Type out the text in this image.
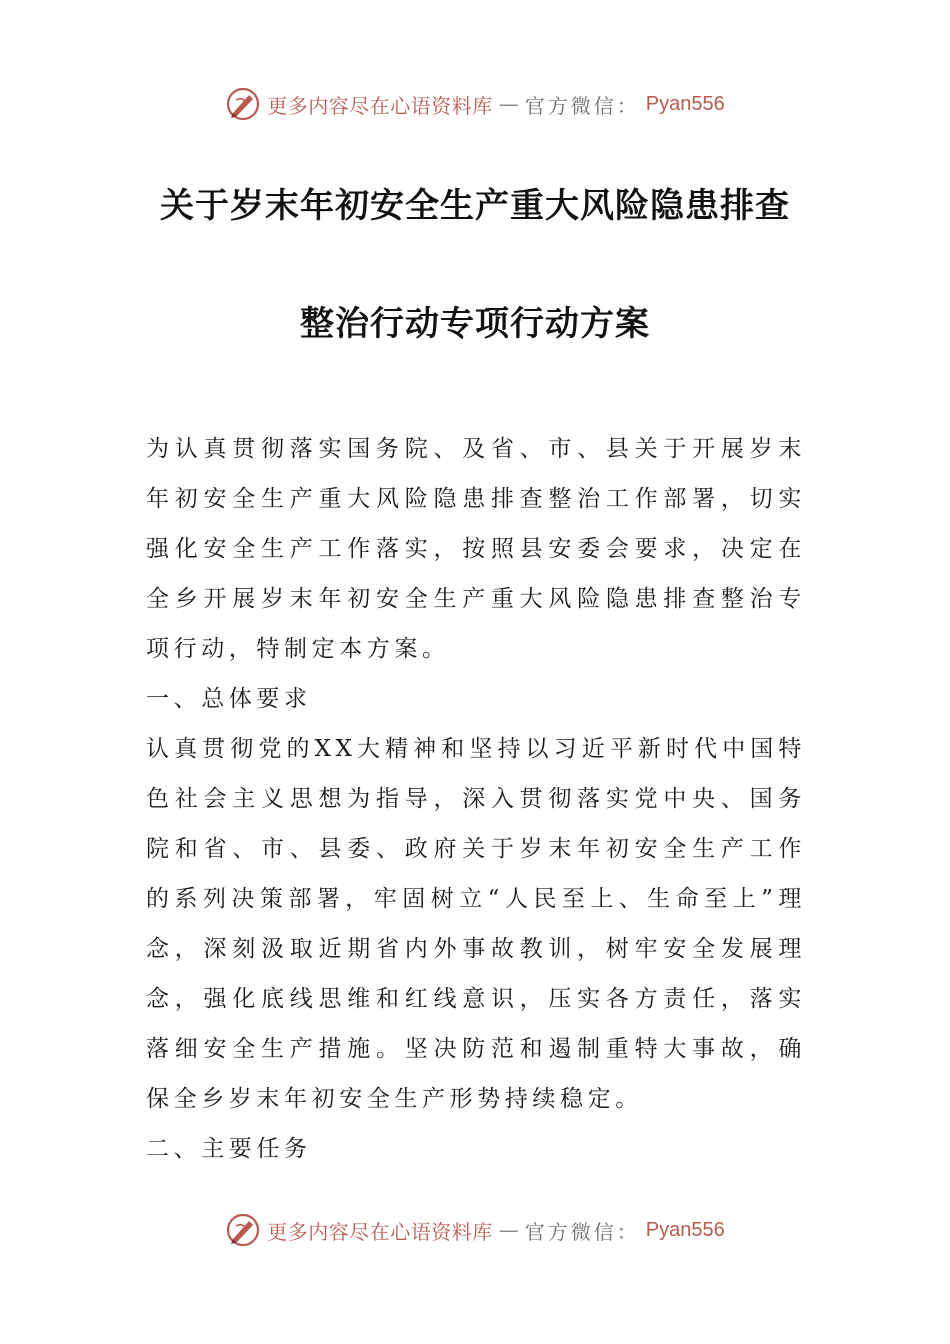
更多内容尽在心语资料库 — 官方微信： Pyan556
关于岁末年初安全生产重大风险隐患排查
整治行动专项行动方案

为认真贯彻落实国务院、及省、市、县关于开展岁末年初安全生产重大风险隐患排查整治工作部署，切实强化安全生产工作落实，按照县安委会要求，决定在全乡开展岁末年初安全生产重大风险隐患排查整治专项行动，特制定本方案。

一、总体要求

认真贯彻党的XX大精神和坚持以习近平新时代中国特色社会主义思想为指导，深入贯彻落实党中央、国务院和省、市、县委、政府关于岁末年初安全生产工作的系列决策部署，牢固树立“人民至上、生命至上”理念，深刻汲取近期省内外事故教训，树牢安全发展理念，强化底线思维和红线意识，压实各方责任，落实落细安全生产措施。坚决防范和遏制重特大事故，确保全乡岁末年初安全生产形势持续稳定。

二、主要任务

更多内容尽在心语资料库 — 官方微信： Pyan556
